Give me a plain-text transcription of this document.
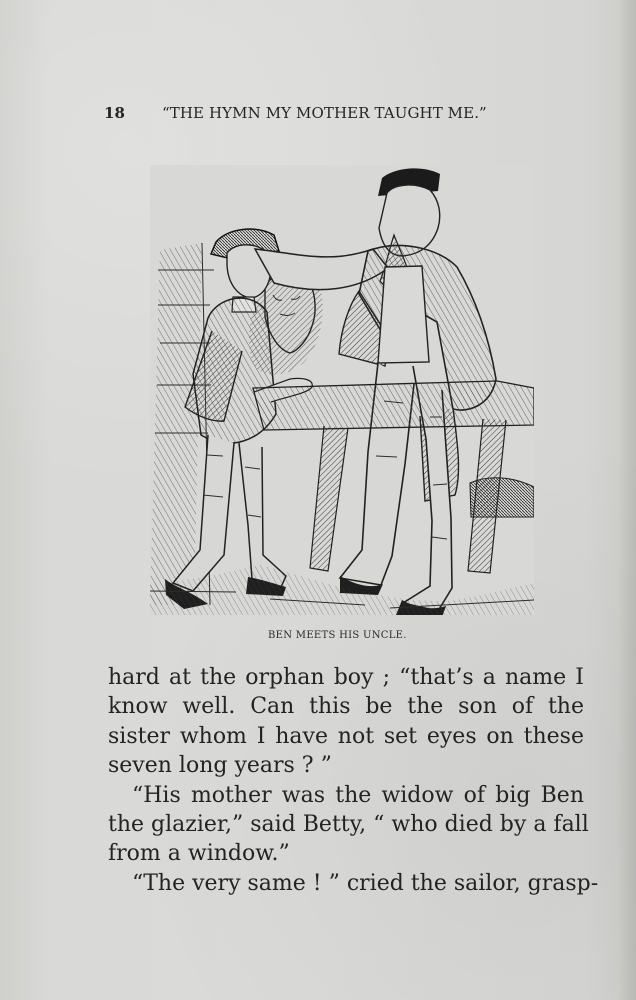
18 “THE HYMN MY MOTHER TAUGHT ME.”
BEN MEETS HIS UNCLE.
hard at the orphan boy ; “that’s a name I
know well. Can this be the son of the
sister whom I have not set eyes on these
seven long years ? ”
“His mother was the widow of big Ben
the glazier,” said Betty, “ who died by a fall
from a window.”
“The very same ! ” cried the sailor, grasp-
